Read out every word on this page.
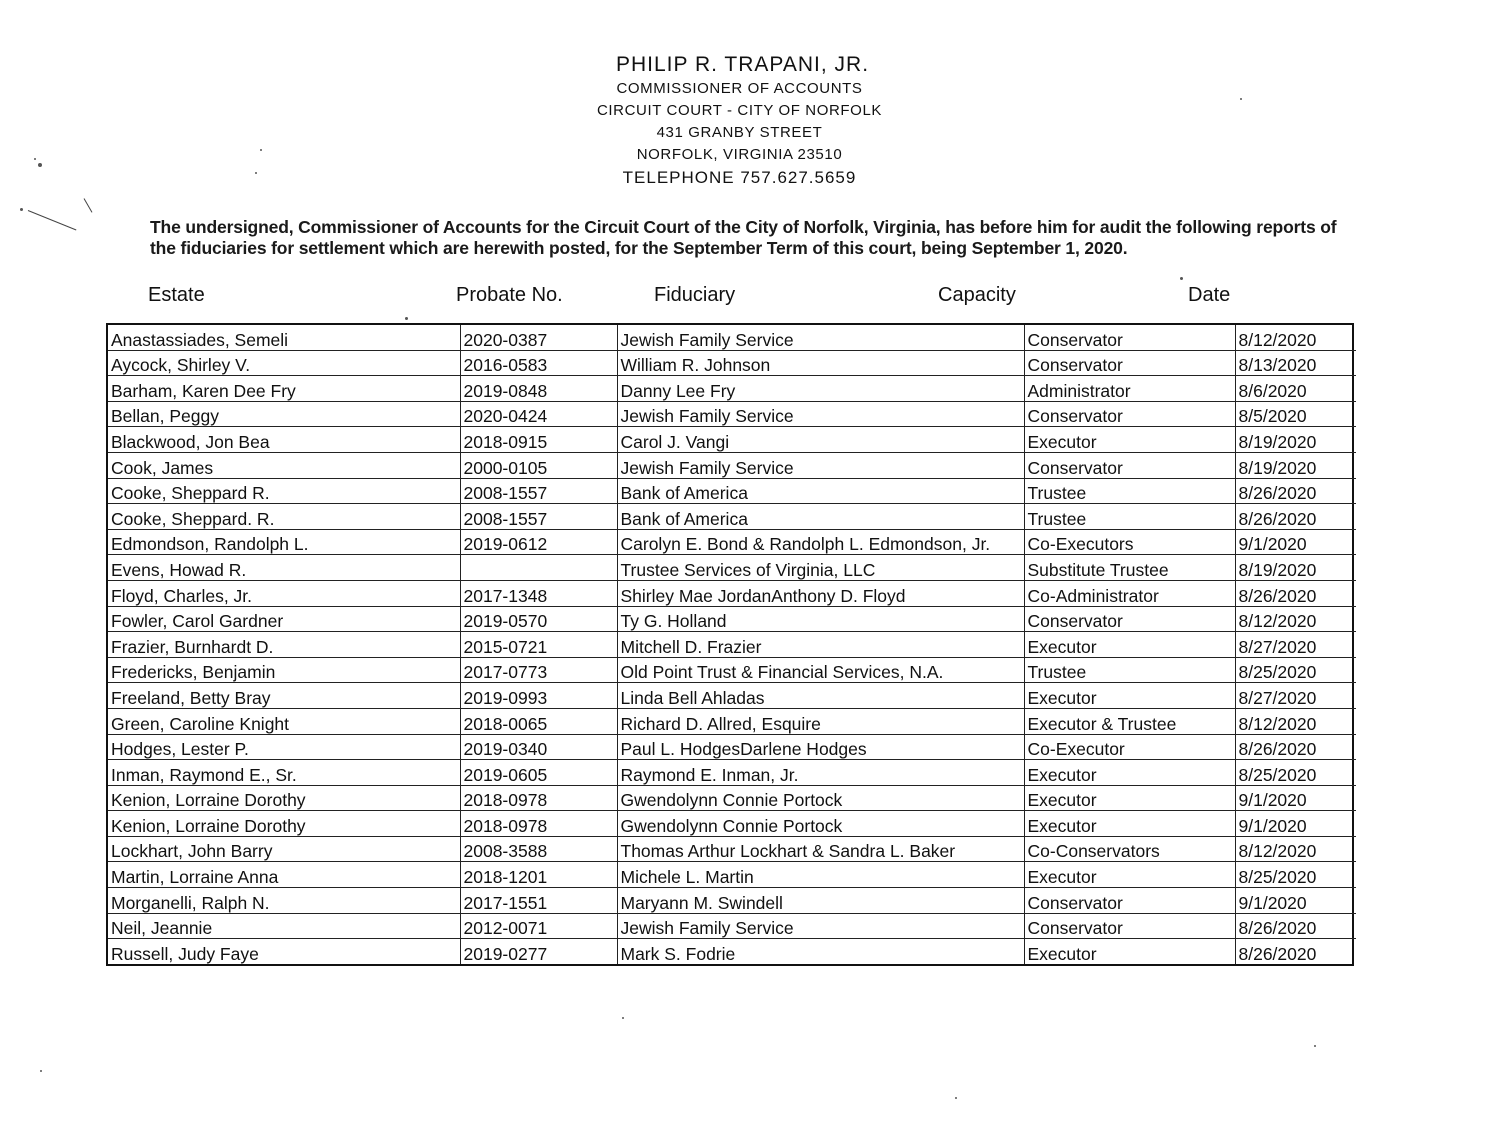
PHILIP R. TRAPANI, JR.
COMMISSIONER OF ACCOUNTS
CIRCUIT COURT - CITY OF NORFOLK
431 GRANBY STREET
NORFOLK, VIRGINIA 23510
TELEPHONE 757.627.5659
The undersigned, Commissioner of Accounts for the Circuit Court of the City of Norfolk, Virginia, has before him for audit the following reports of the fiduciaries for settlement which are herewith posted, for the September Term of this court, being September 1, 2020.
Estate	Probate No.	Fiduciary	Capacity	Date
Anastassiades, Semeli	2020-0387	Jewish Family Service	Conservator	8/12/2020
Aycock, Shirley V.	2016-0583	William R. Johnson	Conservator	8/13/2020
Barham, Karen Dee Fry	2019-0848	Danny Lee Fry	Administrator	8/6/2020
Bellan, Peggy	2020-0424	Jewish Family Service	Conservator	8/5/2020
Blackwood, Jon Bea	2018-0915	Carol J. Vangi	Executor	8/19/2020
Cook, James	2000-0105	Jewish Family Service	Conservator	8/19/2020
Cooke, Sheppard R.	2008-1557	Bank of America	Trustee	8/26/2020
Cooke, Sheppard. R.	2008-1557	Bank of America	Trustee	8/26/2020
Edmondson, Randolph L.	2019-0612	Carolyn E. Bond & Randolph L. Edmondson, Jr.	Co-Executors	9/1/2020
Evens, Howad R.		Trustee Services of Virginia, LLC	Substitute Trustee	8/19/2020
Floyd, Charles, Jr.	2017-1348	Shirley Mae JordanAnthony D. Floyd	Co-Administrator	8/26/2020
Fowler, Carol Gardner	2019-0570	Ty G. Holland	Conservator	8/12/2020
Frazier, Burnhardt D.	2015-0721	Mitchell D. Frazier	Executor	8/27/2020
Fredericks, Benjamin	2017-0773	Old Point Trust & Financial Services, N.A.	Trustee	8/25/2020
Freeland, Betty Bray	2019-0993	Linda Bell Ahladas	Executor	8/27/2020
Green, Caroline Knight	2018-0065	Richard D. Allred, Esquire	Executor & Trustee	8/12/2020
Hodges, Lester P.	2019-0340	Paul L. HodgesDarlene Hodges	Co-Executor	8/26/2020
Inman, Raymond E., Sr.	2019-0605	Raymond E. Inman, Jr.	Executor	8/25/2020
Kenion, Lorraine Dorothy	2018-0978	Gwendolynn Connie Portock	Executor	9/1/2020
Kenion, Lorraine Dorothy	2018-0978	Gwendolynn Connie Portock	Executor	9/1/2020
Lockhart, John Barry	2008-3588	Thomas Arthur Lockhart & Sandra L. Baker	Co-Conservators	8/12/2020
Martin, Lorraine Anna	2018-1201	Michele L. Martin	Executor	8/25/2020
Morganelli, Ralph N.	2017-1551	Maryann M. Swindell	Conservator	9/1/2020
Neil, Jeannie	2012-0071	Jewish Family Service	Conservator	8/26/2020
Russell, Judy Faye	2019-0277	Mark S. Fodrie	Executor	8/26/2020
